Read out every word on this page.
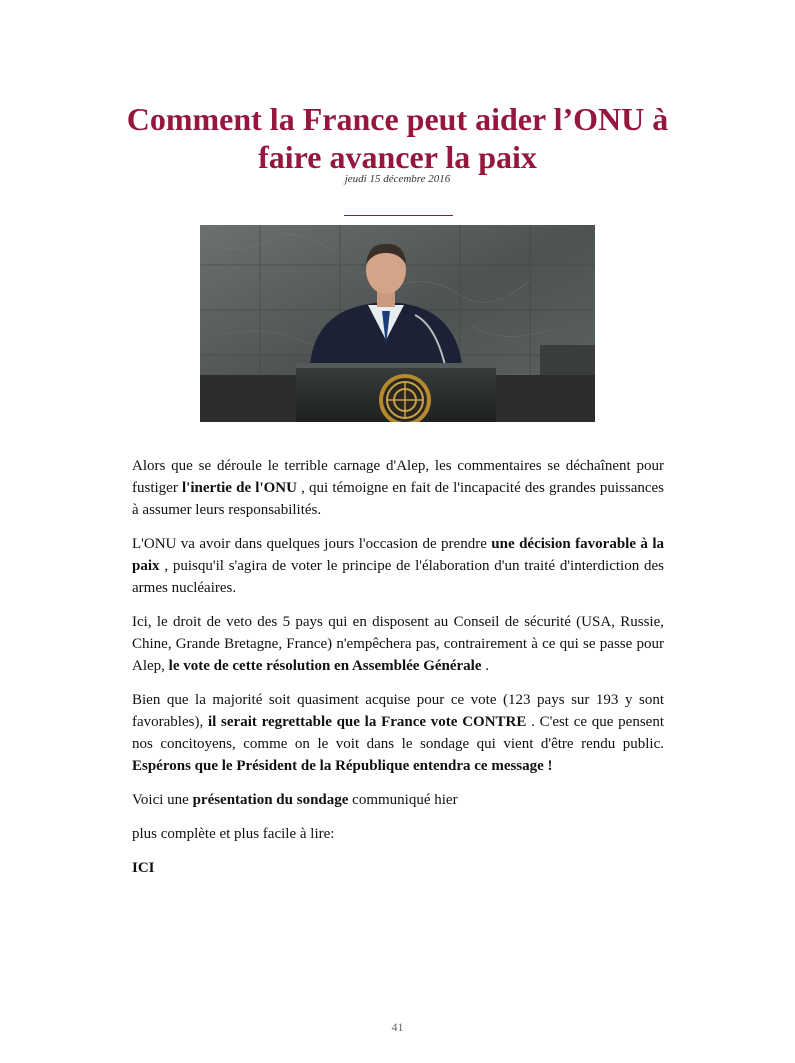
Comment la France peut aider l’ONU à faire avancer la paix
jeudi 15 décembre 2016

Alors que se déroule le terrible carnage d'Alep, les commentaires se déchaînent pour fustiger l'inertie de l'ONU , qui témoigne en fait de l'incapacité des grandes puissances à assumer leurs responsabilités.

L'ONU va avoir dans quelques jours l'occasion de prendre une décision favorable à la paix , puisqu'il s'agira de voter le principe de l'élaboration d'un traité d'interdiction des armes nucléaires.

Ici, le droit de veto des 5 pays qui en disposent au Conseil de sécurité (USA, Russie, Chine, Grande Bretagne, France) n'empêchera pas, contrairement à ce qui se passe pour Alep, le vote de cette résolution en Assemblée Générale .

Bien que la majorité soit quasiment acquise pour ce vote (123 pays sur 193 y sont favorables), il serait regrettable que la France vote CONTRE . C'est ce que pensent nos concitoyens, comme on le voit dans le sondage qui vient d'être rendu public. Espérons que le Président de la République entendra ce message !

Voici une présentation du sondage communiqué hier

plus complète et plus facile à lire:

ICI

41
